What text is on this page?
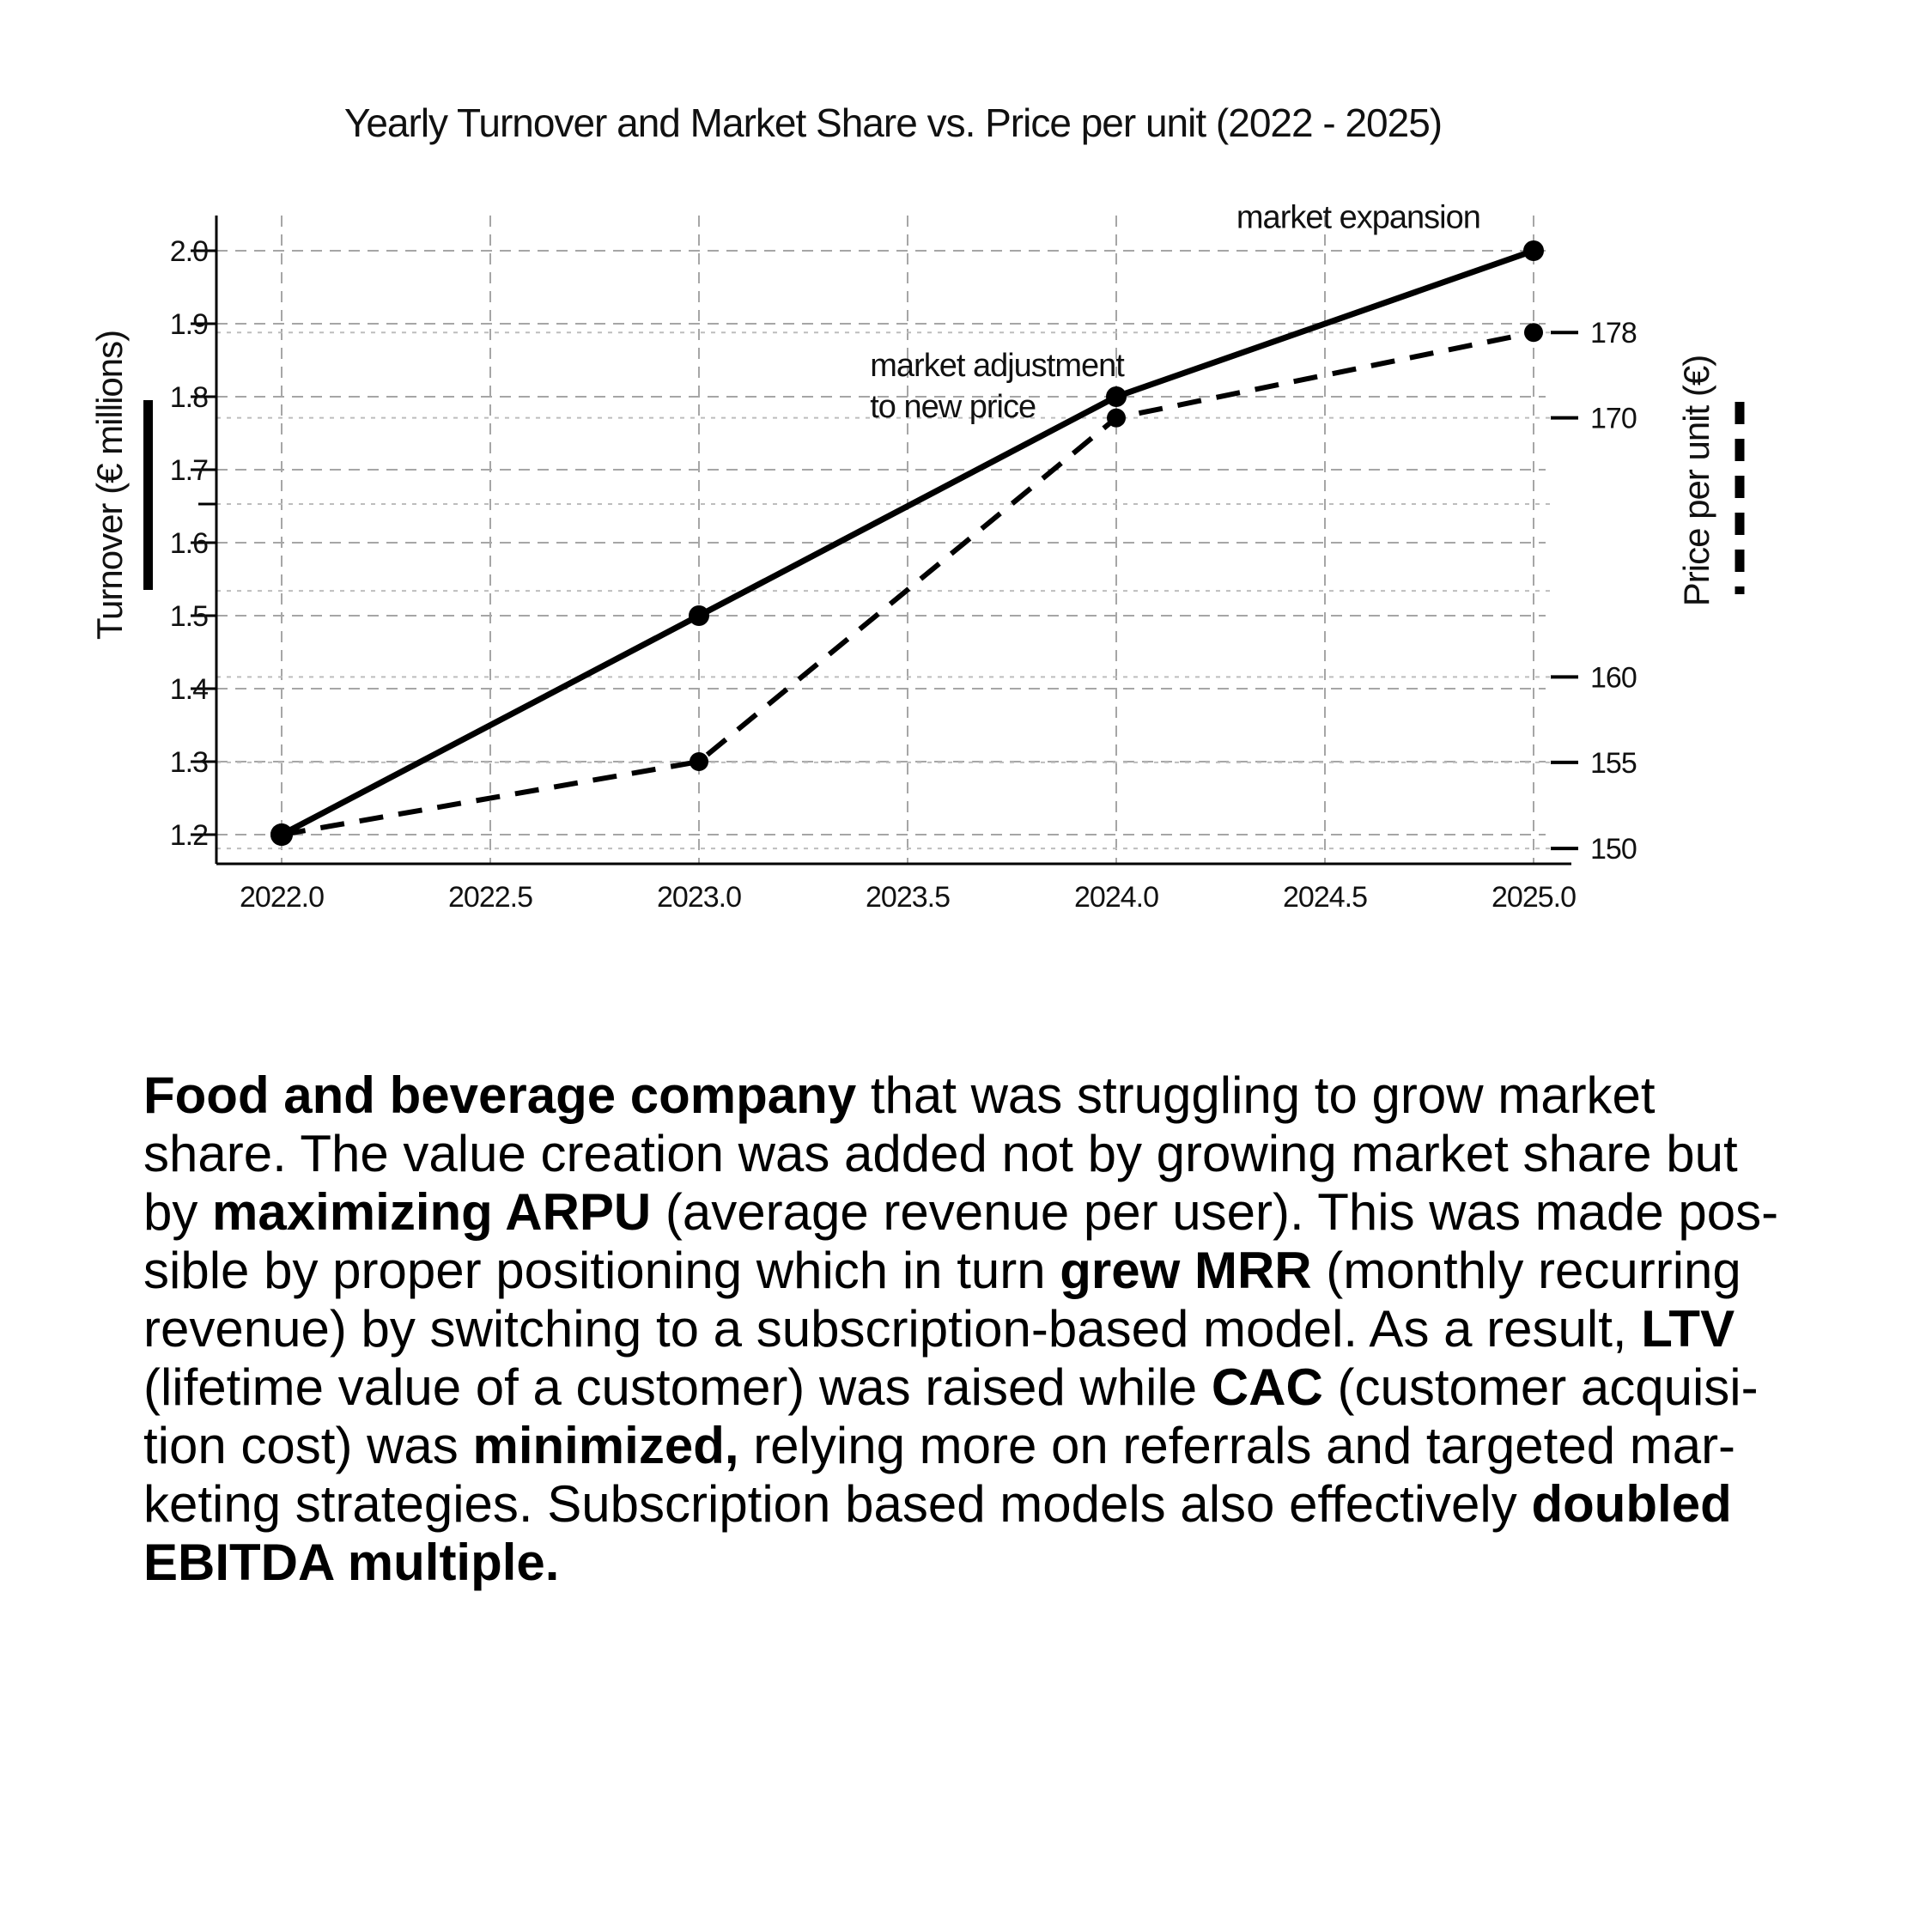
Yearly Turnover and Market Share vs. Price per unit (2022 - 2025)
2.0
1.9
1.8
1.7
1.6
1.5
1.4
1.3
1.2
178
170
160
155
150
2022.0	2022.5	2023.0	2023.5	2024.0	2024.5	2025.0
market expansion
market adjustment
to new price
Turnover (€ millions)	Price per unit (€)
Food and beverage company that was struggling to grow market
share. The value creation was added not by growing market share but
by maximizing ARPU (average revenue per user). This was made pos-
sible by proper positioning which in turn grew MRR (monthly recurring
revenue) by switching to a subscription-based model. As a result, LTV
(lifetime value of a customer) was raised while CAC (customer acquisi-
tion cost) was minimized, relying more on referrals and targeted mar-
keting strategies. Subscription based models also effectively doubled
EBITDA multiple.
